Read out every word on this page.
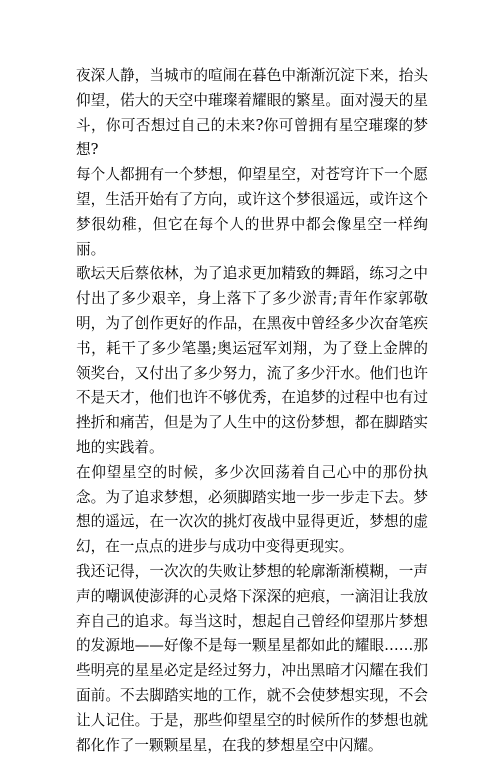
夜深人静，当城市的喧闹在暮色中渐渐沉淀下来，抬头仰望，偌大的天空中璀璨着耀眼的繁星。面对漫天的星斗，你可否想过自己的未来?你可曾拥有星空璀璨的梦想?

每个人都拥有一个梦想，仰望星空，对苍穹许下一个愿望，生活开始有了方向，或许这个梦很遥远，或许这个梦很幼稚，但它在每个人的世界中都会像星空一样绚丽。

歌坛天后蔡依林，为了追求更加精致的舞蹈，练习之中付出了多少艰辛，身上落下了多少淤青;青年作家郭敬明，为了创作更好的作品，在黑夜中曾经多少次奋笔疾书，耗干了多少笔墨;奥运冠军刘翔，为了登上金牌的领奖台，又付出了多少努力，流了多少汗水。他们也许不是天才，他们也许不够优秀，在追梦的过程中也有过挫折和痛苦，但是为了人生中的这份梦想，都在脚踏实地的实践着。

在仰望星空的时候，多少次回荡着自己心中的那份执念。为了追求梦想，必须脚踏实地一步一步走下去。梦想的遥远，在一次次的挑灯夜战中显得更近，梦想的虚幻，在一点点的进步与成功中变得更现实。

我还记得，一次次的失败让梦想的轮廓渐渐模糊，一声声的嘲讽使澎湃的心灵烙下深深的疤痕，一滴泪让我放弃自己的追求。每当这时，想起自己曾经仰望那片梦想的发源地——好像不是每一颗星星都如此的耀眼……那些明亮的星星必定是经过努力，冲出黑暗才闪耀在我们面前。不去脚踏实地的工作，就不会使梦想实现，不会让人记住。于是，那些仰望星空的时候所作的梦想也就都化作了一颗颗星星，在我的梦想星空中闪耀。
